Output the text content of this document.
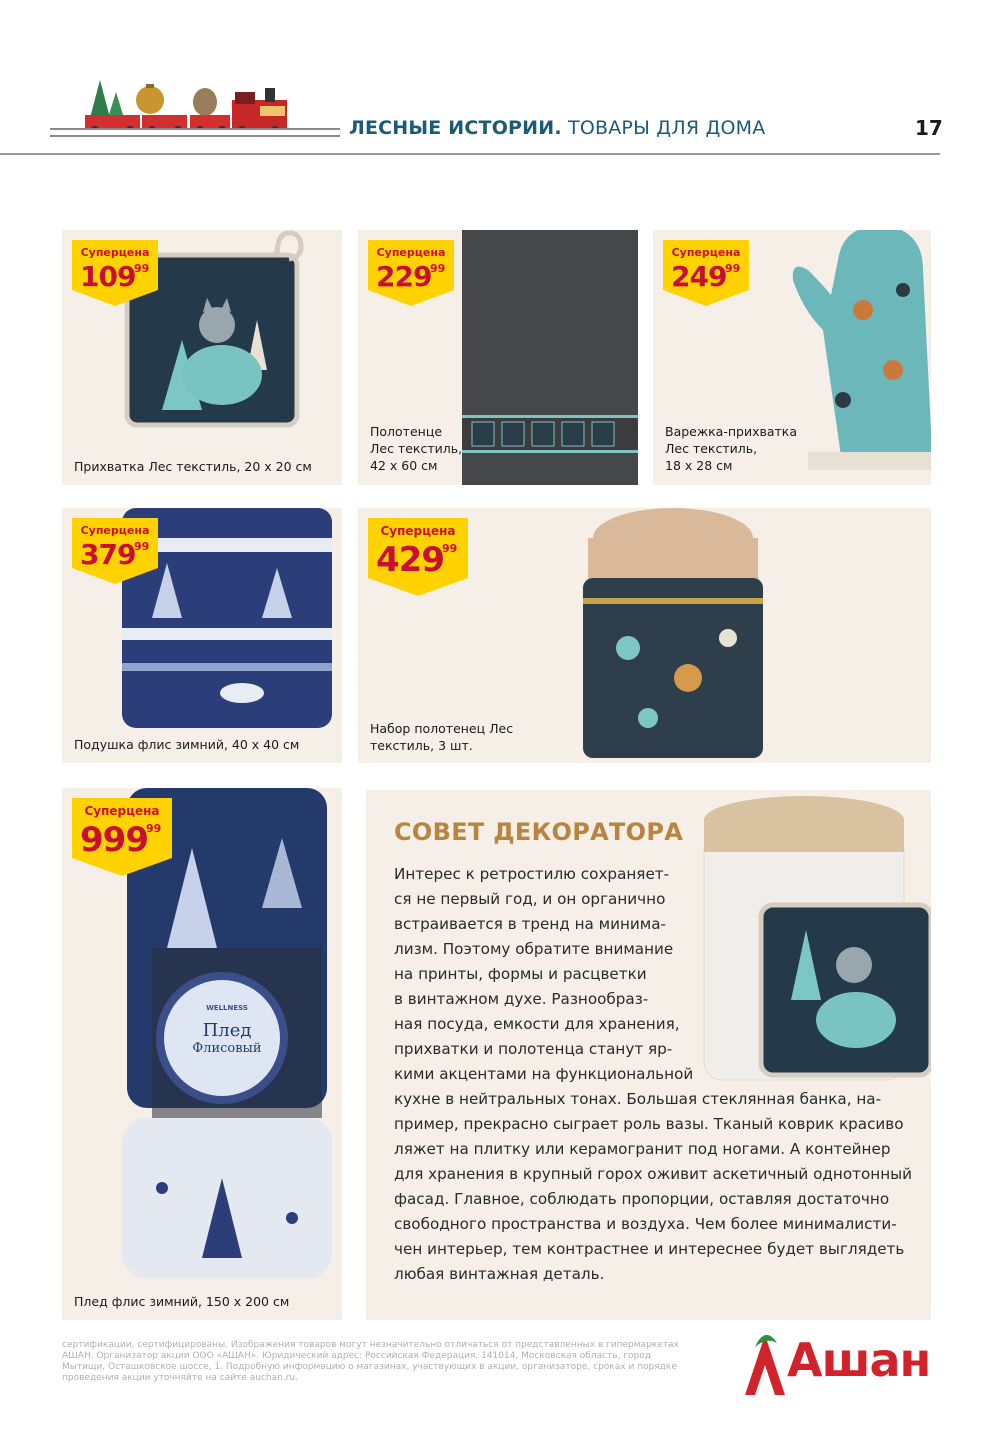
ЛЕСНЫЕ ИСТОРИИ. ТОВАРЫ ДЛЯ ДОМА	17
Прихватка Лес текстиль, 20 х 20 см
Полотенце
Лес текстиль,
42 х 60 см
Варежка-прихватка
Лес текстиль,
18 х 28 см
Подушка флис зимний, 40 х 40 см
Набор полотенец Лес
текстиль, 3 шт.
WELLNESS
Плед
Флисовый
Плед флис зимний, 150 х 200 см
Суперцена
109
99
Суперцена
229
99
Суперцена
249
99
Суперцена
379
99
Суперцена
429
99
Суперцена
999
99	СОВЕТ ДЕКОРАТОРА
Интерес к ретростилю сохраняет-
ся не первый год, и он органично
встраивается в тренд на минима-
лизм. Поэтому обратите внимание
на принты, формы и расцветки
в винтажном духе. Разнообраз-
ная посуда, емкости для хранения,
прихватки и полотенца станут яр-
кими акцентами на функциональной
кухне в нейтральных тонах. Большая стеклянная банка, на-
пример, прекрасно сыграет роль вазы. Тканый коврик красиво
ляжет на плитку или керамогранит под ногами. А контейнер
для хранения в крупный горох оживит аскетичный однотонный
фасад. Главное, соблюдать пропорции, оставляя достаточно
свободного пространства и воздуха. Чем более минималисти-
чен интерьер, тем контрастнее и интереснее будет выглядеть
любая винтажная деталь.
сертификации, сертифицированы. Изображения товаров могут незначительно отличаться от представленных в гипермаркетах
АШАН. Организатор акции ООО «АШАН». Юридический адрес: Российская Федерация, 141014, Московская область, город
Мытищи, Осташковское шоссе, 1. Подробную информацию о магазинах, участвующих в акции, организаторе, сроках и порядке
проведения акции уточняйте на сайте auchan.ru.	Ашан
